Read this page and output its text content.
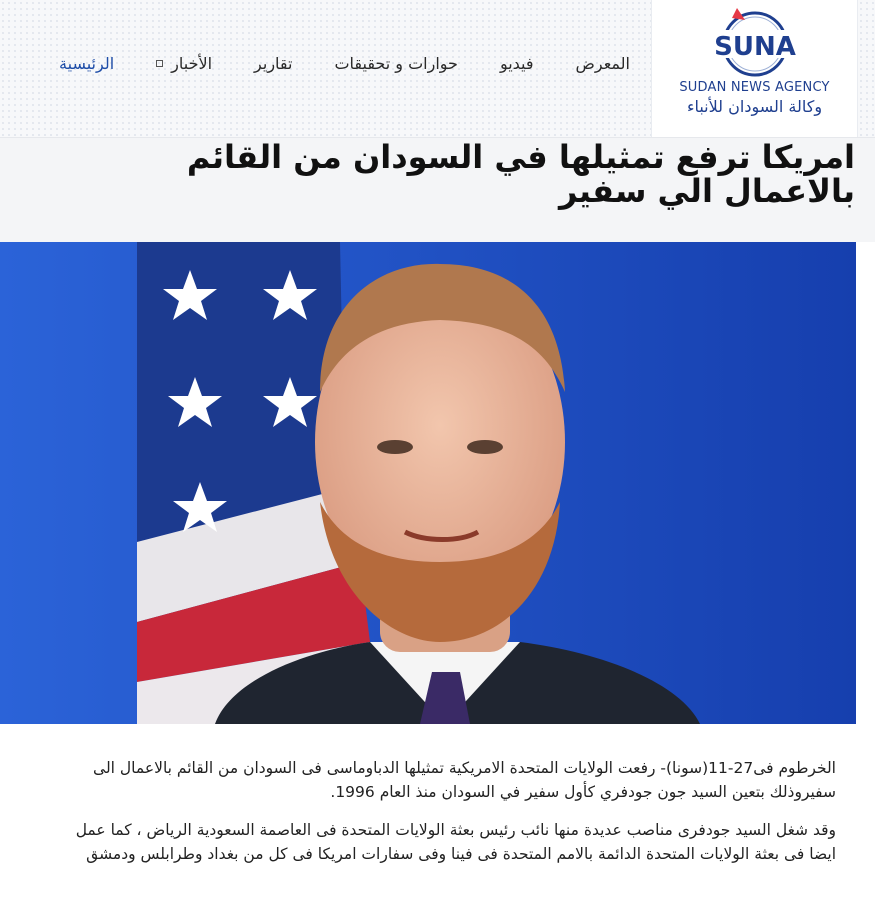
SUNA
SUDAN NEWS AGENCY
وكالة السودان للأنباء
الرئيسية	الأخبار	تقارير	حوارات و تحقيقات	فيديو	المعرض
امريكا ترفع تمثيلها في السودان من القائم بالاعمال الي سفير

الخرطوم فى27-11(سونا)- رفعت الولايات المتحدة الامريكية تمثيلها الدباوماسى فى السودان من القائم بالاعمال الى سفيروذلك بتعين السيد جون جودفري كأول سفير في السودان منذ العام 1996.

وقد شغل السيد جودفرى مناصب عديدة منها نائب رئيس بعثة الولايات المتحدة فى العاصمة السعودية الرياض ، كما عمل ايضا فى بعثة الولايات المتحدة الدائمة بالامم المتحدة فى فينا وفى سفارات امريكا فى كل من بغداد وطرابلس ودمشق
